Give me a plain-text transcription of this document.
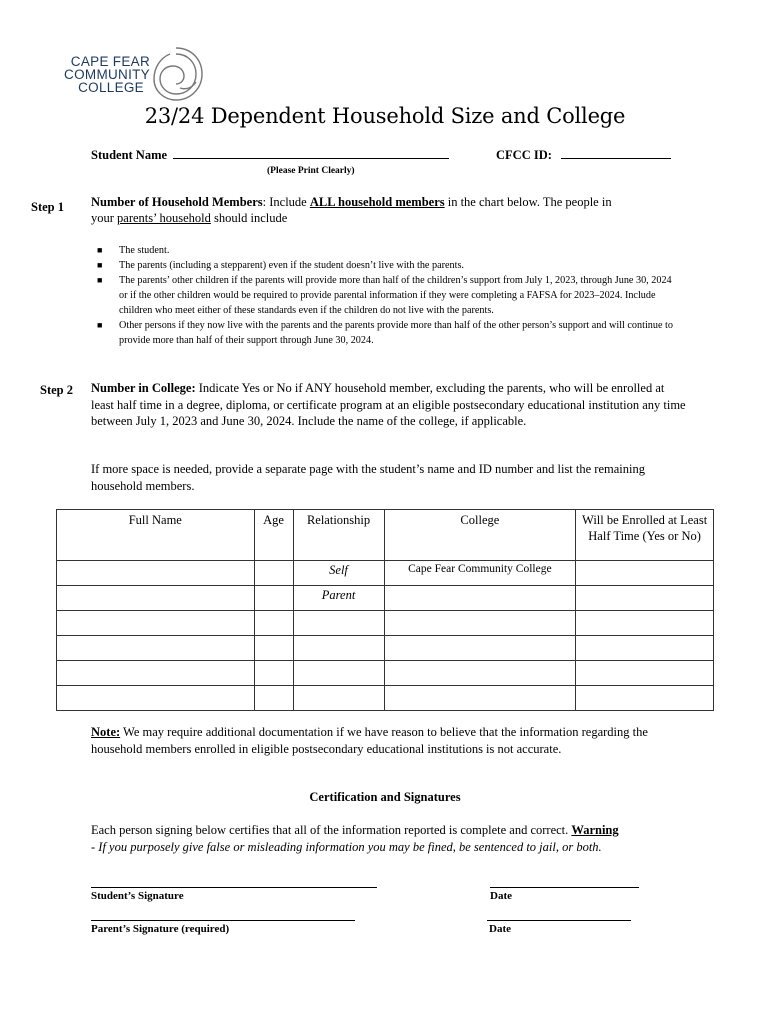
CAPE FEAR
COMMUNITY
COLLEGE
23/24 Dependent Household Size and College
Student Name	CFCC ID:
(Please Print Clearly)
Step 1 Number of Household Members: Include ALL household members in the chart below. The people in
your parents’ household should include
■ The student.
■ The parents (including a stepparent) even if the student doesn’t live with the parents.
■ The parents’ other children if the parents will provide more than half of the children’s support from July 1, 2023, through June 30, 2024 or if the other children would be required to provide parental information if they were completing a FAFSA for 2023–2024. Include children who meet either of these standards even if the children do not live with the parents.
■ Other persons if they now live with the parents and the parents provide more than half of the other person’s support and will continue to provide more than half of their support through June 30, 2024.
Step 2 Number in College: Indicate Yes or No if ANY household member, excluding the parents, who will be enrolled at least half time in a degree, diploma, or certificate program at an eligible postsecondary educational institution any time between July 1, 2023 and June 30, 2024. Include the name of the college, if applicable.
If more space is needed, provide a separate page with the student’s name and ID number and list the remaining household members.
Full Name	Age	Relationship	College	Will be Enrolled at Least Half Time (Yes or No)
		Self	Cape Fear Community College	
		Parent		

Note: We may require additional documentation if we have reason to believe that the information regarding the household members enrolled in eligible postsecondary educational institutions is not accurate.
Certification and Signatures
Each person signing below certifies that all of the information reported is complete and correct. Warning
- If you purposely give false or misleading information you may be fined, be sentenced to jail, or both.
Student’s Signature	Date
Parent’s Signature (required)	Date
